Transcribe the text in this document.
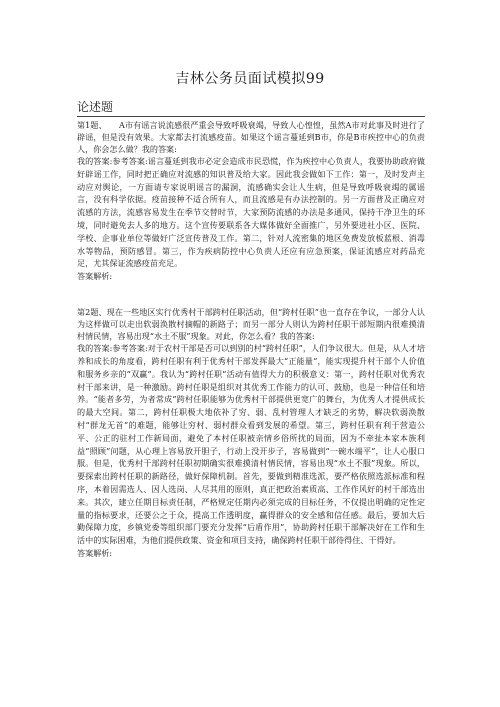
吉林公务员面试模拟99
论述题

第1题、　　A市有谣言说流感很严重会导致呼吸衰竭，导致人心惶惶，虽然A市对此事及时进行了辟谣，但是没有效果。大家都去打流感疫苗。如果这个谣言蔓延到B市，你是B市疾控中心的负责人，你会怎么做？我的答案:

我的答案:参考答案:谣言蔓延到我市必定会造成市民恐慌，作为疾控中心负责人，我要协助政府做好辟谣工作，同时把正确应对流感的知识普及给大家。因此我会做如下工作：第一，及时发声主动应对舆论，一方面请专家说明谣言的漏洞，流感确实会让人生病，但是导致呼吸衰竭的属谣言，没有科学依据。疫苗接种不适合所有人，而且流感是有办法控制的。另一方面普及正确应对流感的方法，流感容易发生在季节交替时节，大家预防流感的办法是多通风，保持干净卫生的环境，同时避免去人多的地方。这个宣传要联系各大媒体做好全面推广，另外要进社小区、医院、学校、企事业单位等做好广泛宣传普及工作。第二，针对人流密集的地区免费发放板蓝根、消毒水等物品，预防感冒。第三，作为疾病防控中心负责人还应有应急预案，保证流感应对药品充足，尤其保证流感疫苗充足。

答案解析:

第2题、现在一些地区实行优秀村干部跨村任职活动，但“跨村任职”也一直存在争议，一部分人认为这样做可以走出软弱涣散村摘帽的新路子；而另一部分人则认为跨村任职干部短期内很难摸清村情民情，容易出现“水土不服”现象。对此，你怎么看？我的答案:

我的答案:参考答案:对于农村干部是否可以到别的村“跨村任职”，人们争议很大。但是，从人才培养和成长的角度看，跨村任职有利于优秀村干部发挥最大“正能量”，能实现提升村干部个人价值和服务乡亲的“双赢”。我认为“跨村任职”活动有值得大力的积极意义：第一，跨村任职对优秀农村干部来讲，是一种激励。跨村任职是组织对其优秀工作能力的认可、鼓励，也是一种信任和培养。“能者多劳，为者常成”跨村任职能够为优秀村干部提供更宽广的舞台，为优秀人才提供成长的最大空间。第二，跨村任职极大地依补了穷、弱、乱村管理人才缺乏的劣势，解决软弱涣散村“群龙无首”的难题，能够让穷村、弱村群众看到发展的希望。第三，跨村任职有利于营造公平、公正的驻村工作新局面，避免了本村任职被亲情乡俗所扰的局面，因为不牵扯本家本族利益“照顾”问题，从心理上容易放开胆子，行动上没开步子，容易做到“一碗水端平”，让人心服口服。但是，优秀村干部跨村任职初期确实很难摸清村情民情，容易出现“水土不服”现象。所以，要探索出跨村任职的新路径，做好保障机制。首先，要做到精准选派，要严格依照选派标准和程序，本着因需选人、因人选岗、人尽其用的原则，真正把政治素质高、工作作风好的村干部选出来。其次，建立任期目标责任制，严格规定任期内必须完成的目标任务，不仅提出明确的定性定量的指标要求，还要公之于众，提高工作透明度，赢得群众的安全感和信任感。最后，要加大后勤保障力度，乡镇党委等组织部门要充分发挥“后盾作用”，协助跨村任职干部解决好在工作和生活中的实际困难，为他们提供政策、资金和项目支持，确保跨村任职干部待得住、干得好。

答案解析:
